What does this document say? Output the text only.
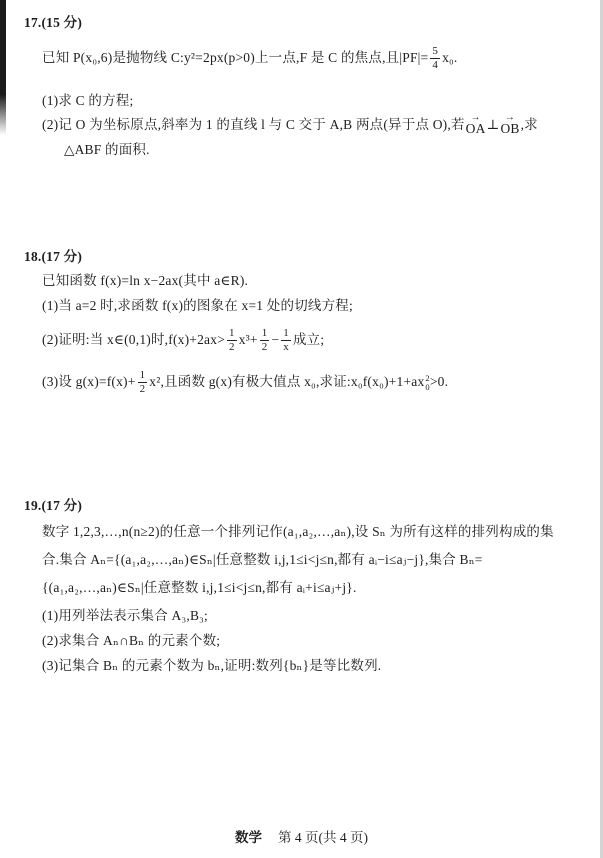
17. (15 分)
已知 P(x₀,6)是抛物线 C:y²=2px(p>0)上一点,F 是 C 的焦点,且$|PF|= \frac{5}{4} x_0$.
(1)求 C 的方程;
(2)记 O 为坐标原点,斜率为 1 的直线 l 与 C 交于 A,B 两点(异于点 O),若 →
OA ⊥ →
OB ,求
△ABF 的面积.
18. (17 分)
已知函数 f(x)=ln x−2ax(其中 a∈R).
(1)当 a=2 时,求函数 f(x)的图象在 x=1 处的切线方程;
(2)证明:当 x∈(0,1)时$,f(x)+2ax> \frac{1}{2} x^3+ \frac{1}{2} - \frac{1}{x}$ 成立;
(3)设 $g(x)=f(x)+ \frac{1}{2} x^2$,且函数 g(x)有极大值点 x₀,求证:x₀f(x₀)+1+ax 2
0 >0.
19. (17 分)
数字 1,2,3,…,n(n≥2)的任意一个排列记作(a₁,a₂,…,aₙ),设 Sₙ 为所有这样的排列构成的集
合.集合 Aₙ={(a₁,a₂,…,aₙ)∈Sₙ|任意整数 i,j,1≤i<j≤n,都有 aᵢ−i≤aⱼ−j},集合 Bₙ=
{(a₁,a₂,…,aₙ)∈Sₙ|任意整数 i,j,1≤i<j≤n,都有 aᵢ+i≤aⱼ+j}.
(1)用列举法表示集合 A₃,B₃;
(2)求集合 Aₙ∩Bₙ 的元素个数;
(3)记集合 Bₙ 的元素个数为 bₙ,证明:数列{bₙ}是等比数列.
数学 第 4 页(共 4 页)
